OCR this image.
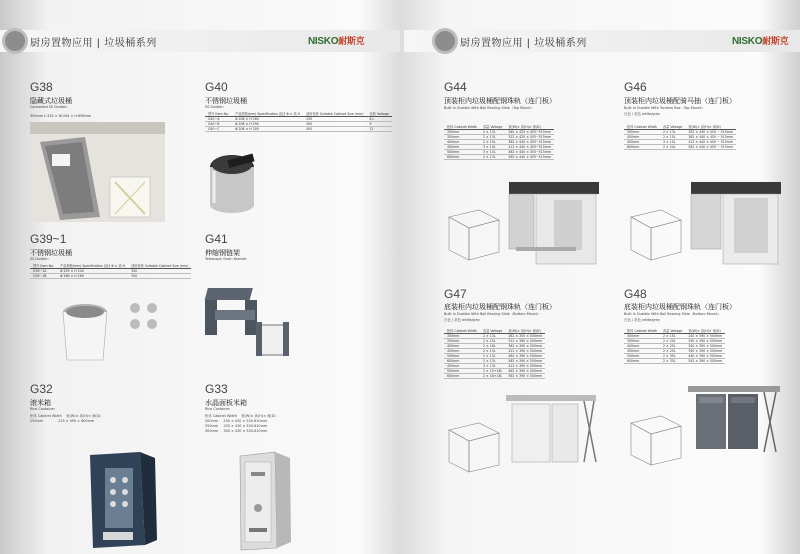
厨房置物应用 | 垃圾桶系列	NISKO耐斯克
G38
隐藏式垃圾桶
Concealed SS Dustbin
300mm L:335 × W:244 × H:696mm
G40
不锈钢垃圾桶
SS Dustbin
型号 Item No.	产品规格(mm) Specification 直径 Φ × 高 H	适用柜体 Suitable Cabinet Size (mm)	容积 Voltage
G40~A	Φ 208 × H 260	250	8 L
G40~B	Φ 208 × H 290	300	9
G40~C	Φ 208 × H 300	400	12
G39~1
不锈钢垃圾桶
SS Dustbin
型号 Item No.	产品规格(mm) Specification 直径 Φ × 高 H	适用柜体 Suitable Cabinet Size (mm)
G39~1A	Φ 259 × H 240	300
G39~1B	Φ 266 × H 269	350
G41
伸缩钢链架
Telescopic Drain Bracket
G32
滚米箱
Rice Container
柜体 Cabinet Width    宽(W)× 高(H)× 深(D)
250mm              225 × 490 × 600mm
G33
水晶面板米箱
Rice Container
柜体 Cabinet Width    宽(W)× 高(H)× 深(D)
200mm     200 × 430 × 530-610mm
250mm     250 × 430 × 530-610mm
300mm     300 × 430 × 530-610mm
厨房置物应用 | 垃圾桶系列	NISKO耐斯克
G44
顶装柜内垃圾桶配钢珠轨（连门板）
Built In Dustbin With Ball Bearing Slide（Top Mount）
柜体 Cabinet Width	容量 Voltage	宽(W)× 高(H)× 深(D)
300mm	2 × 13L	262 × 425 × 455~515mm
350mm	2 × 13L	312 × 425 × 455~515mm
400mm	2 × 15L	362 × 440 × 455~515mm
450mm	3 × 10L	412 × 440 × 455~515mm
500mm	3 × 13L	462 × 440 × 455~515mm
600mm	2 × 13L	562 × 440 × 455~515mm
G46
顶装柜内垃圾桶配骑马抽（连门板）
Built In Dustbin With Tandem Box（Top Mount）
白色 / 灰色 white/grey
柜体 Cabinet Width	容量 Voltage	宽(W)× 高(H)× 深(D)
300mm	2 × 13L	262 × 440 × 450 ~ 515mm
400mm	2 × 15L	362 × 440 × 450 ~ 515mm
450mm	3 × 10L	412 × 440 × 450 ~ 515mm
600mm	2 × 20L	562 × 440 × 450 ~ 515mm
G47
底装柜内垃圾桶配钢珠轨（连门板）
Built In Dustbin With Ball Bearing Slide（Bottom Mount）
白色 / 灰色 white/grey
柜体 Cabinet Width	容量 Voltage	宽(W)× 高(H)× 深(D)
300mm	2 × 13L	262 × 355 × 500mm
350mm	2 × 15L	312 × 390 × 500mm
400mm	2 × 18L	362 × 390 × 500mm
450mm	2 × 13L	412 × 390 × 500mm
500mm	2 × 13L	462 × 390 × 500mm
600mm	2 × 13L	562 × 390 × 500mm
450mm	3 × 13L	412 × 390 × 500mm
500mm	2 × 15+18L	462 × 390 × 500mm
600mm	2 × 18+18L	562 × 390 × 500mm
G48
底装柜内垃圾桶配钢珠轨（连门板）
Built In Dustbin With Ball Bearing Slide（Bottom Mount）
白色 / 灰色 white/grey
柜体 Cabinet Width	容量 Voltage	宽(W)× 高(H)× 深(D)
300mm	2 × 15L	240 × 390 × 500mm
350mm	2 × 20L	290 × 390 × 500mm
400mm	2 × 25L	340 × 390 × 500mm
450mm	2 × 25L	390 × 390 × 500mm
500mm	2 × 35L	440 × 390 × 500mm
600mm	2 × 35L	542 × 390 × 500mm
